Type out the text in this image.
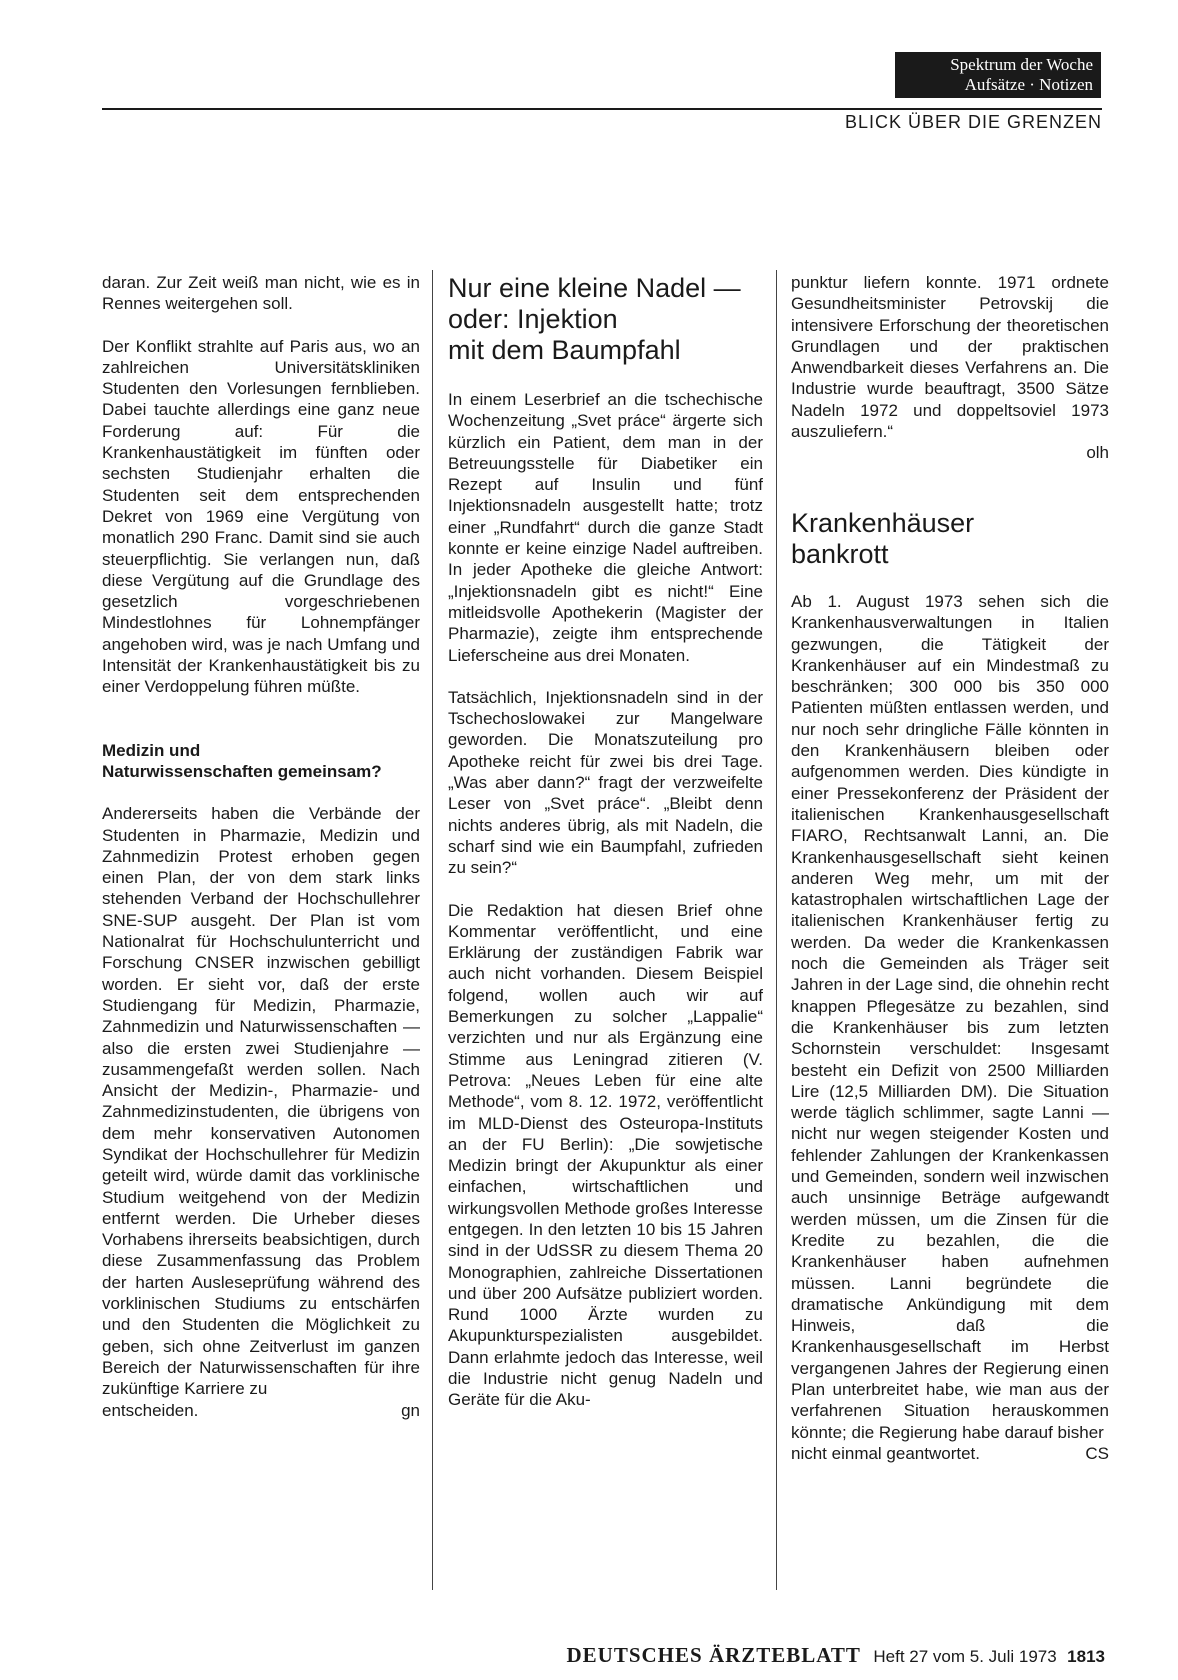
Spektrum der Woche
Aufsätze · Notizen
BLICK ÜBER DIE GRENZEN

daran. Zur Zeit weiß man nicht, wie es in Rennes weitergehen soll.

Der Konflikt strahlte auf Paris aus, wo an zahlreichen Universitätskliniken Studenten den Vorlesungen fernblieben. Dabei tauchte allerdings eine ganz neue Forderung auf: Für die Krankenhaustätigkeit im fünften oder sechsten Studienjahr erhalten die Studenten seit dem entsprechenden Dekret von 1969 eine Vergütung von monatlich 290 Franc. Damit sind sie auch steuerpflichtig. Sie verlangen nun, daß diese Vergütung auf die Grundlage des gesetzlich vorgeschriebenen Mindestlohnes für Lohnempfänger angehoben wird, was je nach Umfang und Intensität der Krankenhaustätigkeit bis zu einer Verdoppelung führen müßte.

Medizin und
Naturwissenschaften gemeinsam?

Andererseits haben die Verbände der Studenten in Pharmazie, Medizin und Zahnmedizin Protest erhoben gegen einen Plan, der von dem stark links stehenden Verband der Hochschullehrer SNE-SUP ausgeht. Der Plan ist vom Nationalrat für Hochschulunterricht und Forschung CNSER inzwischen gebilligt worden. Er sieht vor, daß der erste Studiengang für Medizin, Pharmazie, Zahnmedizin und Naturwissenschaften — also die ersten zwei Studienjahre — zusammengefaßt werden sollen. Nach Ansicht der Medizin-, Pharmazie- und Zahnmedizinstudenten, die übrigens von dem mehr konservativen Autonomen Syndikat der Hochschullehrer für Medizin geteilt wird, würde damit das vorklinische Studium weitgehend von der Medizin entfernt werden. Die Urheber dieses Vorhabens ihrerseits beabsichtigen, durch diese Zusammenfassung das Problem der harten Ausleseprüfung während des vorklinischen Studiums zu entschärfen und den Studenten die Möglichkeit zu geben, sich ohne Zeitverlust im ganzen Bereich der Naturwissenschaften für ihre zukünftige Karriere zu

entscheiden.	gn
Nur eine kleine Nadel —
oder: Injektion
mit dem Baumpfahl

In einem Leserbrief an die tschechische Wochenzeitung „Svet práce“ ärgerte sich kürzlich ein Patient, dem man in der Betreuungsstelle für Diabetiker ein Rezept auf Insulin und fünf Injektionsnadeln ausgestellt hatte; trotz einer „Rundfahrt“ durch die ganze Stadt konnte er keine einzige Nadel auftreiben. In jeder Apotheke die gleiche Antwort: „Injektionsnadeln gibt es nicht!“ Eine mitleidsvolle Apothekerin (Magister der Pharmazie), zeigte ihm entsprechende Lieferscheine aus drei Monaten.

Tatsächlich, Injektionsnadeln sind in der Tschechoslowakei zur Mangelware geworden. Die Monatszuteilung pro Apotheke reicht für zwei bis drei Tage. „Was aber dann?“ fragt der verzweifelte Leser von „Svet práce“. „Bleibt denn nichts anderes übrig, als mit Nadeln, die scharf sind wie ein Baumpfahl, zufrieden zu sein?“

Die Redaktion hat diesen Brief ohne Kommentar veröffentlicht, und eine Erklärung der zuständigen Fabrik war auch nicht vorhanden. Diesem Beispiel folgend, wollen auch wir auf Bemerkungen zu solcher „Lappalie“ verzichten und nur als Ergänzung eine Stimme aus Leningrad zitieren (V. Petrova: „Neues Leben für eine alte Methode“, vom 8. 12. 1972, veröffentlicht im MLD-Dienst des Osteuropa-Instituts an der FU Berlin): „Die sowjetische Medizin bringt der Akupunktur als einer einfachen, wirtschaftlichen und wirkungsvollen Methode großes Interesse entgegen. In den letzten 10 bis 15 Jahren sind in der UdSSR zu diesem Thema 20 Monographien, zahlreiche Dissertationen und über 200 Aufsätze publiziert worden. Rund 1000 Ärzte wurden zu Akupunkturspezialisten ausgebildet. Dann erlahmte jedoch das Interesse, weil die Industrie nicht genug Nadeln und Geräte für die Aku-

punktur liefern konnte. 1971 ordnete Gesundheitsminister Petrovskij die intensivere Erforschung der theoretischen Grundlagen und der praktischen Anwendbarkeit dieses Verfahrens an. Die Industrie wurde beauftragt, 3500 Sätze Nadeln 1972 und doppeltsoviel 1973 auszuliefern.“

olh
Krankenhäuser
bankrott

Ab 1. August 1973 sehen sich die Krankenhausverwaltungen in Italien gezwungen, die Tätigkeit der Krankenhäuser auf ein Mindestmaß zu beschränken; 300 000 bis 350 000 Patienten müßten entlassen werden, und nur noch sehr dringliche Fälle könnten in den Krankenhäusern bleiben oder aufgenommen werden. Dies kündigte in einer Pressekonferenz der Präsident der italienischen Krankenhausgesellschaft FIARO, Rechtsanwalt Lanni, an. Die Krankenhausgesellschaft sieht keinen anderen Weg mehr, um mit der katastrophalen wirtschaftlichen Lage der italienischen Krankenhäuser fertig zu werden. Da weder die Krankenkassen noch die Gemeinden als Träger seit Jahren in der Lage sind, die ohnehin recht knappen Pflegesätze zu bezahlen, sind die Krankenhäuser bis zum letzten Schornstein verschuldet: Insgesamt besteht ein Defizit von 2500 Milliarden Lire (12,5 Milliarden DM). Die Situation werde täglich schlimmer, sagte Lanni — nicht nur wegen steigender Kosten und fehlender Zahlungen der Krankenkassen und Gemeinden, sondern weil inzwischen auch unsinnige Beträge aufgewandt werden müssen, um die Zinsen für die Kredite zu bezahlen, die die Krankenhäuser haben aufnehmen müssen. Lanni begründete die dramatische Ankündigung mit dem Hinweis, daß die Krankenhausgesellschaft im Herbst vergangenen Jahres der Regierung einen Plan unterbreitet habe, wie man aus der verfahrenen Situation herauskommen könnte; die Regierung habe darauf bisher

nicht einmal geantwortet.	CS
DEUTSCHES ÄRZTEBLATT Heft 27 vom 5. Juli 1973 1813
